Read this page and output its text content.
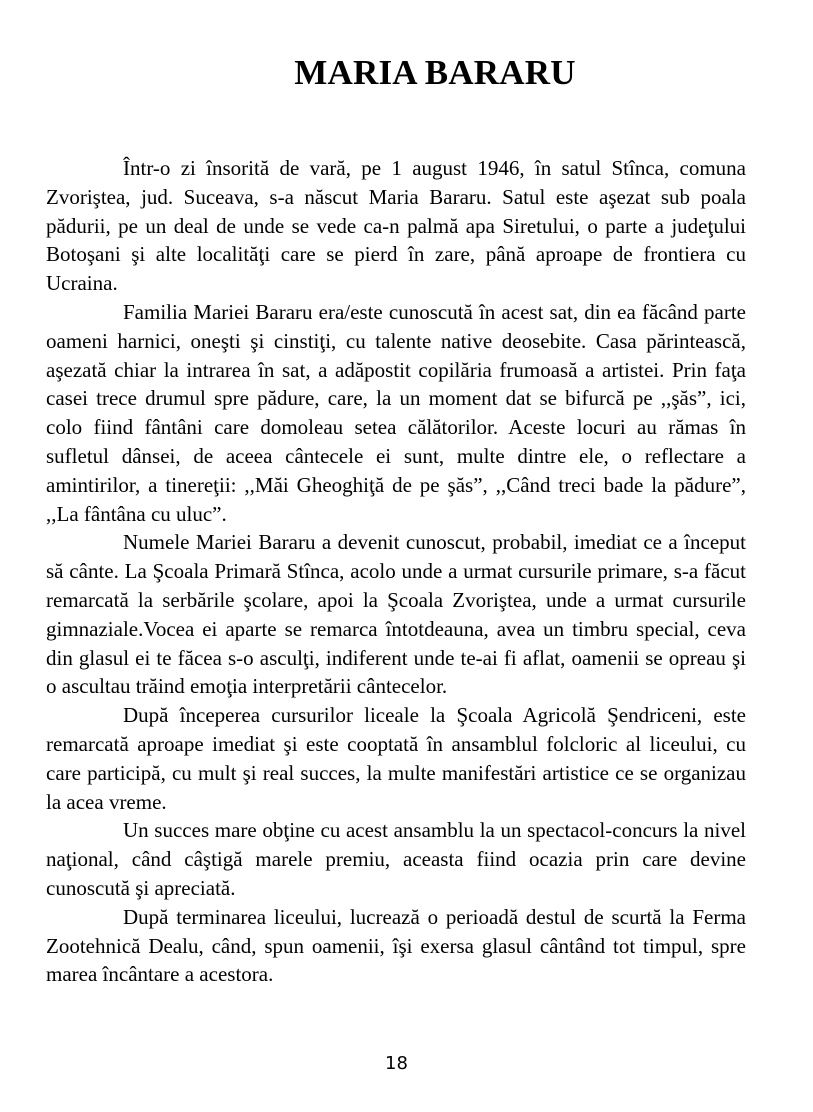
MARIA BARARU

Într-o zi însorită de vară, pe 1 august 1946, în satul Stînca, comuna Zvoriştea, jud. Suceava, s-a născut Maria Bararu. Satul este aşezat sub poala pădurii, pe un deal de unde se vede ca-n palmă apa Siretului, o parte a judeţului Botoşani şi alte localităţi care se pierd în zare, până aproape de frontiera cu Ucraina.

Familia Mariei Bararu era/este cunoscută în acest sat, din ea făcând parte oameni harnici, oneşti şi cinstiţi, cu talente native deosebite. Casa părintească, aşezată chiar la intrarea în sat, a adăpostit copilăria frumoasă a artistei. Prin faţa casei trece drumul spre pădure, care, la un moment dat se bifurcă pe ,,şăs”, ici, colo fiind fântâni care domoleau setea călătorilor. Aceste locuri au rămas în sufletul dânsei, de aceea cântecele ei sunt, multe dintre ele, o reflectare a amintirilor, a tinereţii: ,,Măi Gheoghiţă de pe şăs”, ,,Când treci bade la pădure”, ,,La fântâna cu uluc”.

Numele Mariei Bararu a devenit cunoscut, probabil, imediat ce a început să cânte. La Şcoala Primară Stînca, acolo unde a urmat cursurile primare, s-a făcut remarcată la serbările şcolare, apoi la Şcoala Zvoriştea, unde a urmat cursurile gimnaziale.Vocea ei aparte se remarca întotdeauna, avea un timbru special, ceva din glasul ei te făcea s-o asculţi, indiferent unde te-ai fi aflat, oamenii se opreau şi o ascultau trăind emoţia interpretării cântecelor.

După începerea cursurilor liceale la Şcoala Agricolă Şendriceni, este remarcată aproape imediat şi este cooptată în ansamblul folcloric al liceului, cu care participă, cu mult şi real succes, la multe manifestări artistice ce se organizau la acea vreme.

Un succes mare obţine cu acest ansamblu la un spectacol-concurs la nivel naţional, când câştigă marele premiu, aceasta fiind ocazia prin care devine cunoscută şi apreciată.

După terminarea liceului, lucrează o perioadă destul de scurtă la Ferma Zootehnică Dealu, când, spun oamenii, îşi exersa glasul cântând tot timpul, spre marea încântare a acestora.

18
